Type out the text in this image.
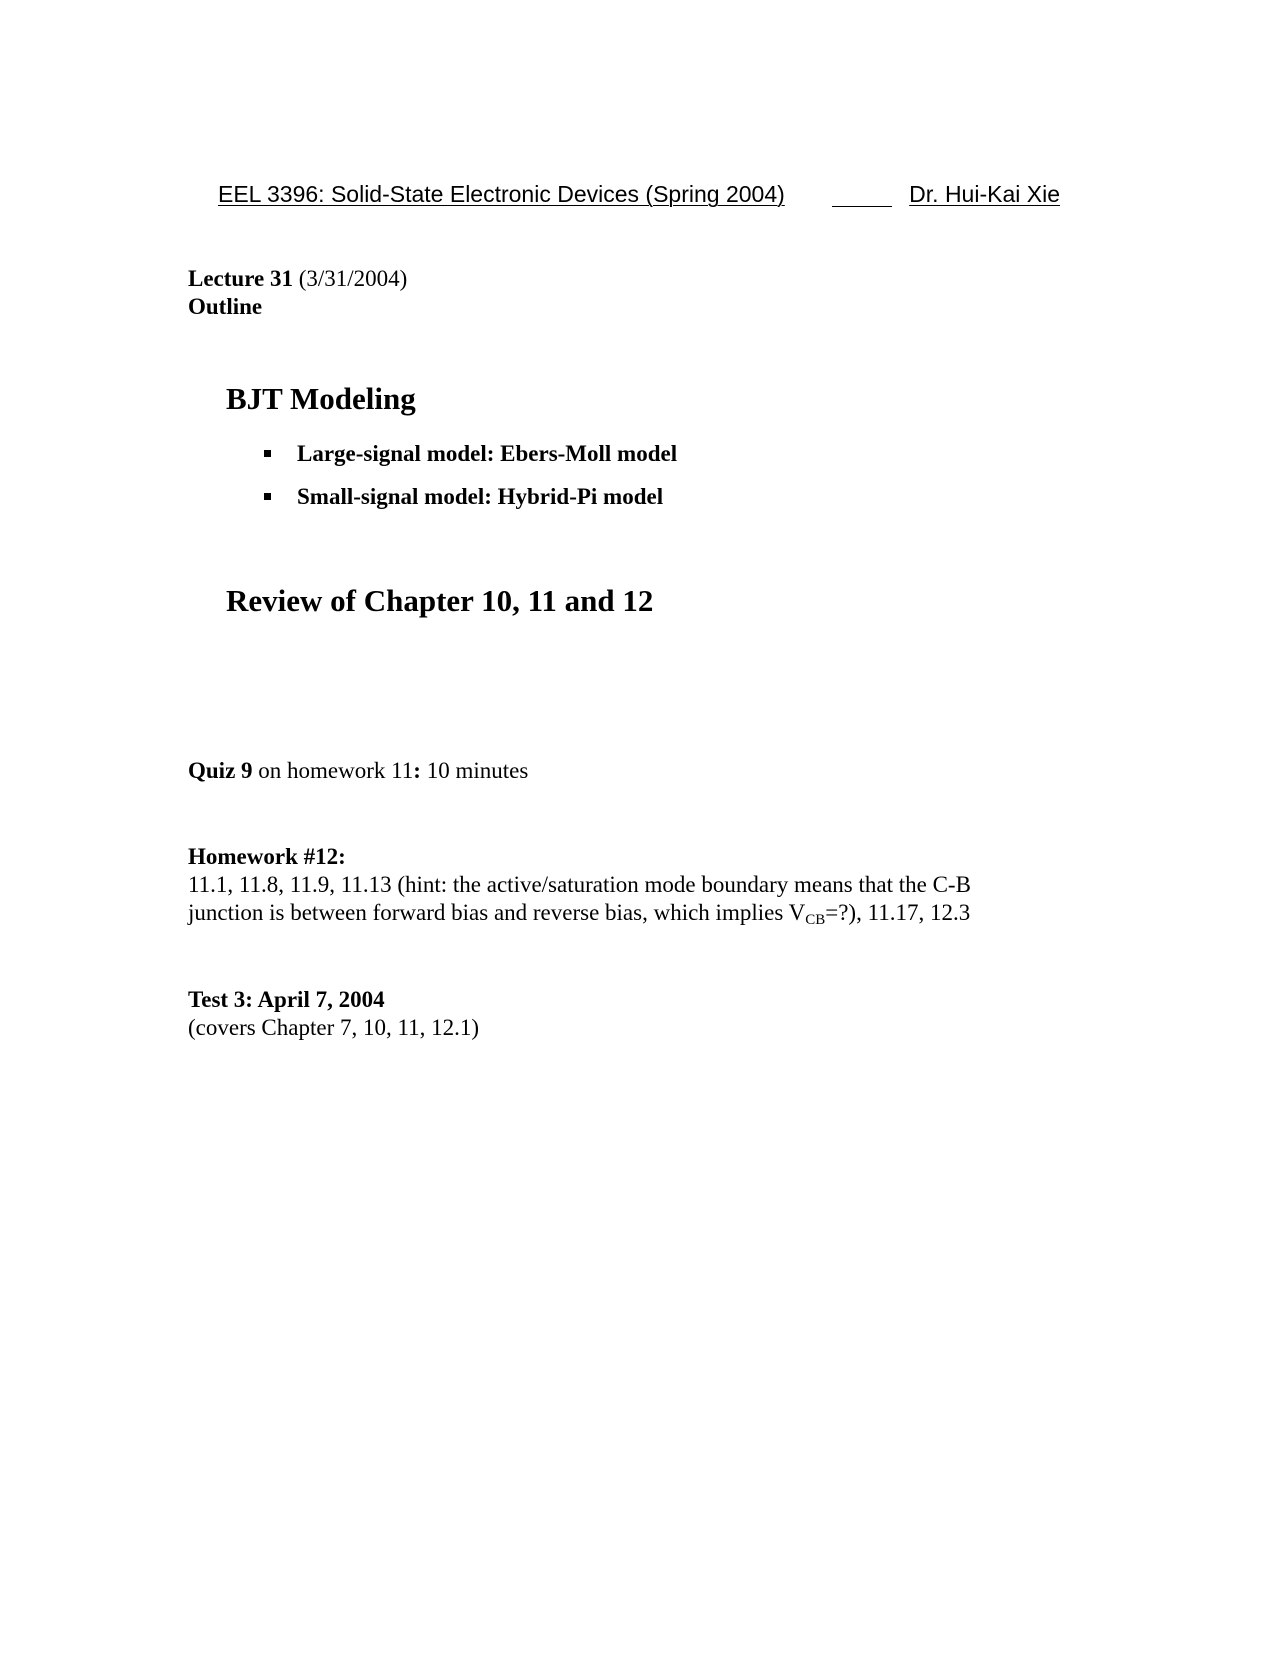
EEL 3396: Solid-State Electronic Devices (Spring 2004)	Dr. Hui-Kai Xie
Lecture 31 (3/31/2004)
Outline
BJT Modeling
Large-signal model: Ebers-Moll model
Small-signal model: Hybrid-Pi model
Review of Chapter 10, 11 and 12
Quiz 9 on homework 11: 10 minutes
Homework #12:
11.1, 11.8, 11.9, 11.13 (hint: the active/saturation mode boundary means that the C-B
junction is between forward bias and reverse bias, which implies $V_{CB}=$?), 11.17, 12.3
Test 3: April 7, 2004
(covers Chapter 7, 10, 11, 12.1)
